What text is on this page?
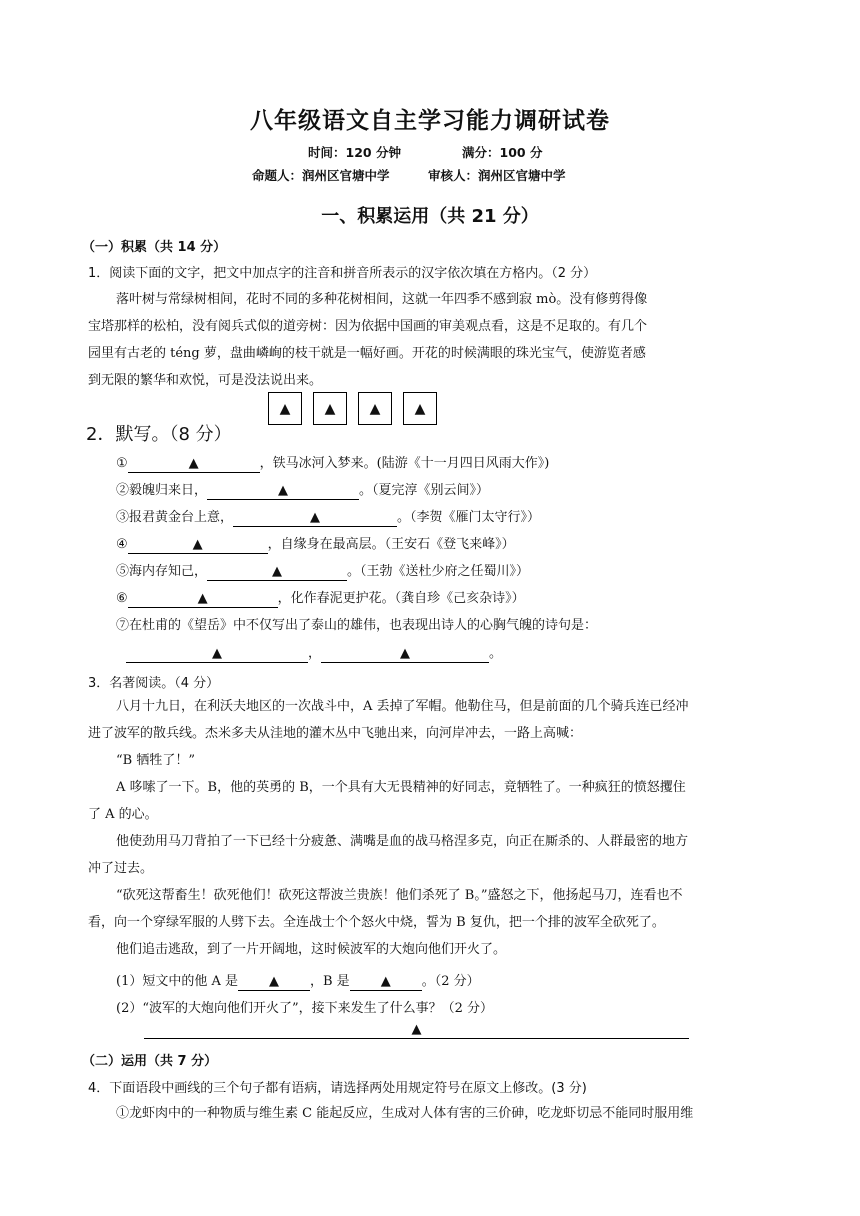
八年级语文自主学习能力调研试卷
时间：120 分钟	满分：100 分
命题人：润州区官塘中学	审核人：润州区官塘中学
一、积累运用（共 21 分）
（一）积累（共 14 分）
1．阅读下面的文字，把文中加点字的注音和拼音所表示的汉字依次填在方格内。（2 分）
落叶树与常绿树相间，花时不同的多种花树相间，这就一年四季不感到寂 mò。没有修剪得像
宝塔那样的松柏，没有阅兵式似的道旁树：因为依据中国画的审美观点看，这是不足取的。有几个
园里有古老的 téng 萝，盘曲嶙峋的枝干就是一幅好画。开花的时候满眼的珠光宝气，使游览者感
到无限的繁华和欢悦，可是没法说出来。
▲	▲	▲	▲
2．默写。（8 分）
①	▲	，铁马冰河入梦来。(陆游《十一月四日风雨大作》)
②毅魄归来日，	▲	。（夏完淳《别云间》）
③报君黄金台上意，	▲	。（李贺《雁门太守行》）
④	▲	，自缘身在最高层。（王安石《登飞来峰》）
⑤海内存知己，	▲	。（王勃《送杜少府之任蜀川》）
⑥	▲	，化作春泥更护花。（龚自珍《己亥杂诗》）
⑦在杜甫的《望岳》中不仅写出了泰山的雄伟，也表现出诗人的心胸气魄的诗句是：
▲	，	▲	。
3．名著阅读。（4 分）
八月十九日，在利沃夫地区的一次战斗中，A 丢掉了军帽。他勒住马，但是前面的几个骑兵连已经冲
进了波军的散兵线。杰米多夫从洼地的灌木丛中飞驰出来，向河岸冲去，一路上高喊：
“B 牺牲了！”
A 哆嗦了一下。B，他的英勇的 B，一个具有大无畏精神的好同志，竟牺牲了。一种疯狂的愤怒攫住
了 A 的心。
他使劲用马刀背拍了一下已经十分疲惫、满嘴是血的战马格涅多克，向正在厮杀的、人群最密的地方
冲了过去。
“砍死这帮畜生！砍死他们！砍死这帮波兰贵族！他们杀死了 B。”盛怒之下，他扬起马刀，连看也不
看，向一个穿绿军服的人劈下去。全连战士个个怒火中烧，誓为 B 复仇，把一个排的波军全砍死了。
他们追击逃敌，到了一片开阔地，这时候波军的大炮向他们开火了。
(1）短文中的他 A 是 ▲ ，B 是 ▲ 。（2 分）
(2）“波军的大炮向他们开火了”，接下来发生了什么事？（2 分）
▲
（二）运用（共 7 分）
4．下面语段中画线的三个句子都有语病，请选择两处用规定符号在原文上修改。(3 分)
①龙虾肉中的一种物质与维生素 C 能起反应，生成对人体有害的三价砷，吃龙虾切忌不能同时服用维
